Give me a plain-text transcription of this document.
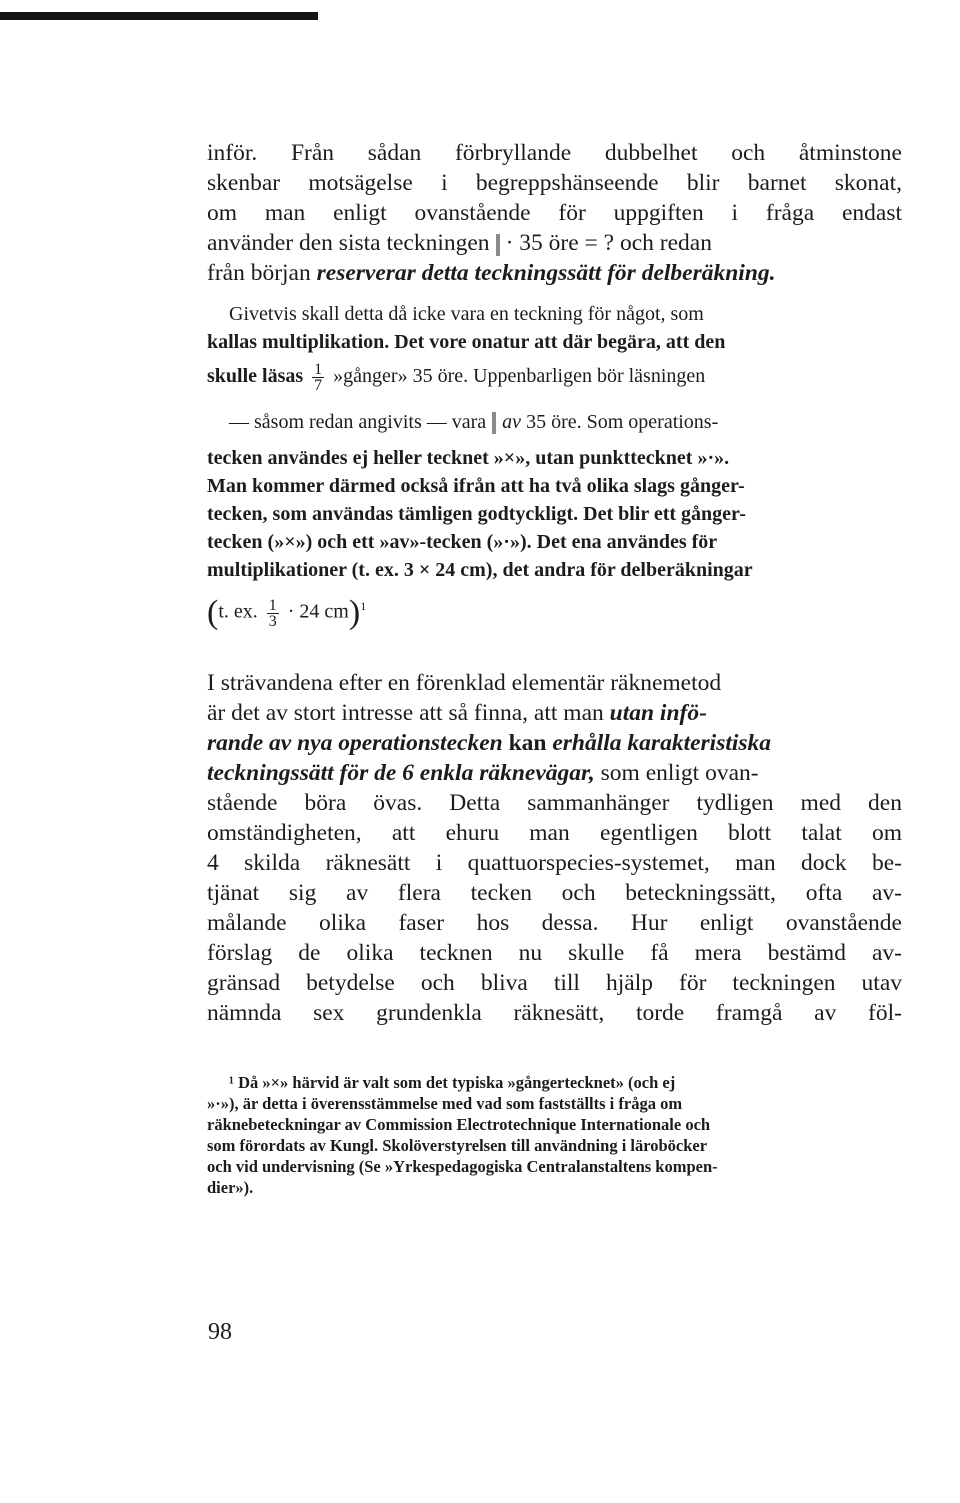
inför. Från sådan förbryllande dubbelhet och åtminstone
skenbar motsägelse i begreppshänseende blir barnet skonat,
om man enligt ovanstående för uppgiften i fråga endast
använder den sista teckningen · 35 öre = ? och redan
från början reserverar detta teckningssätt för delberäkning.
Givetvis skall detta då icke vara en teckning för något, som
kallas multiplikation. Det vore onatur att där begära, att den
skulle läsas $\frac{1}{7}$ »gånger» 35 öre. Uppenbarligen bör läsningen
— såsom redan angivits — vara av 35 öre. Som operations-
tecken användes ej heller tecknet »×», utan punkttecknet »·».
Man kommer därmed också ifrån att ha två olika slags gånger-
tecken, som användas tämligen godtyckligt. Det blir ett gånger-
tecken (»×») och ett »av»-tecken (»·»). Det ena användes för
multiplikationer (t. ex. 3 × 24 cm), det andra för delberäkningar
(t. ex. $\frac{1}{3} \cdot 24$ cm)$^1$
I strävandena efter en förenklad elementär räknemetod
är det av stort intresse att så finna, att man utan infö-
rande av nya operationstecken kan erhålla karakteristiska
teckningssätt för de 6 enkla räknevägar, som enligt ovan-
stående böra övas. Detta sammanhänger tydligen med den
omständigheten, att ehuru man egentligen blott talat om
4 skilda räknesätt i quattuorspecies-systemet, man dock be-
tjänat sig av flera tecken och beteckningssätt, ofta av-
målande olika faser hos dessa. Hur enligt ovanstående
förslag de olika tecknen nu skulle få mera bestämd av-
gränsad betydelse och bliva till hjälp för teckningen utav
nämnda sex grundenkla räknesätt, torde framgå av föl-
¹ Då »×» härvid är valt som det typiska »gångertecknet» (och ej
»·»), är detta i överensstämmelse med vad som fastställts i fråga om
räknebeteckningar av Commission Electrotechnique Internationale och
som förordats av Kungl. Skolöverstyrelsen till användning i läroböcker
och vid undervisning (Se »Yrkespedagogiska Centralanstaltens kompen-
dier»).
98
